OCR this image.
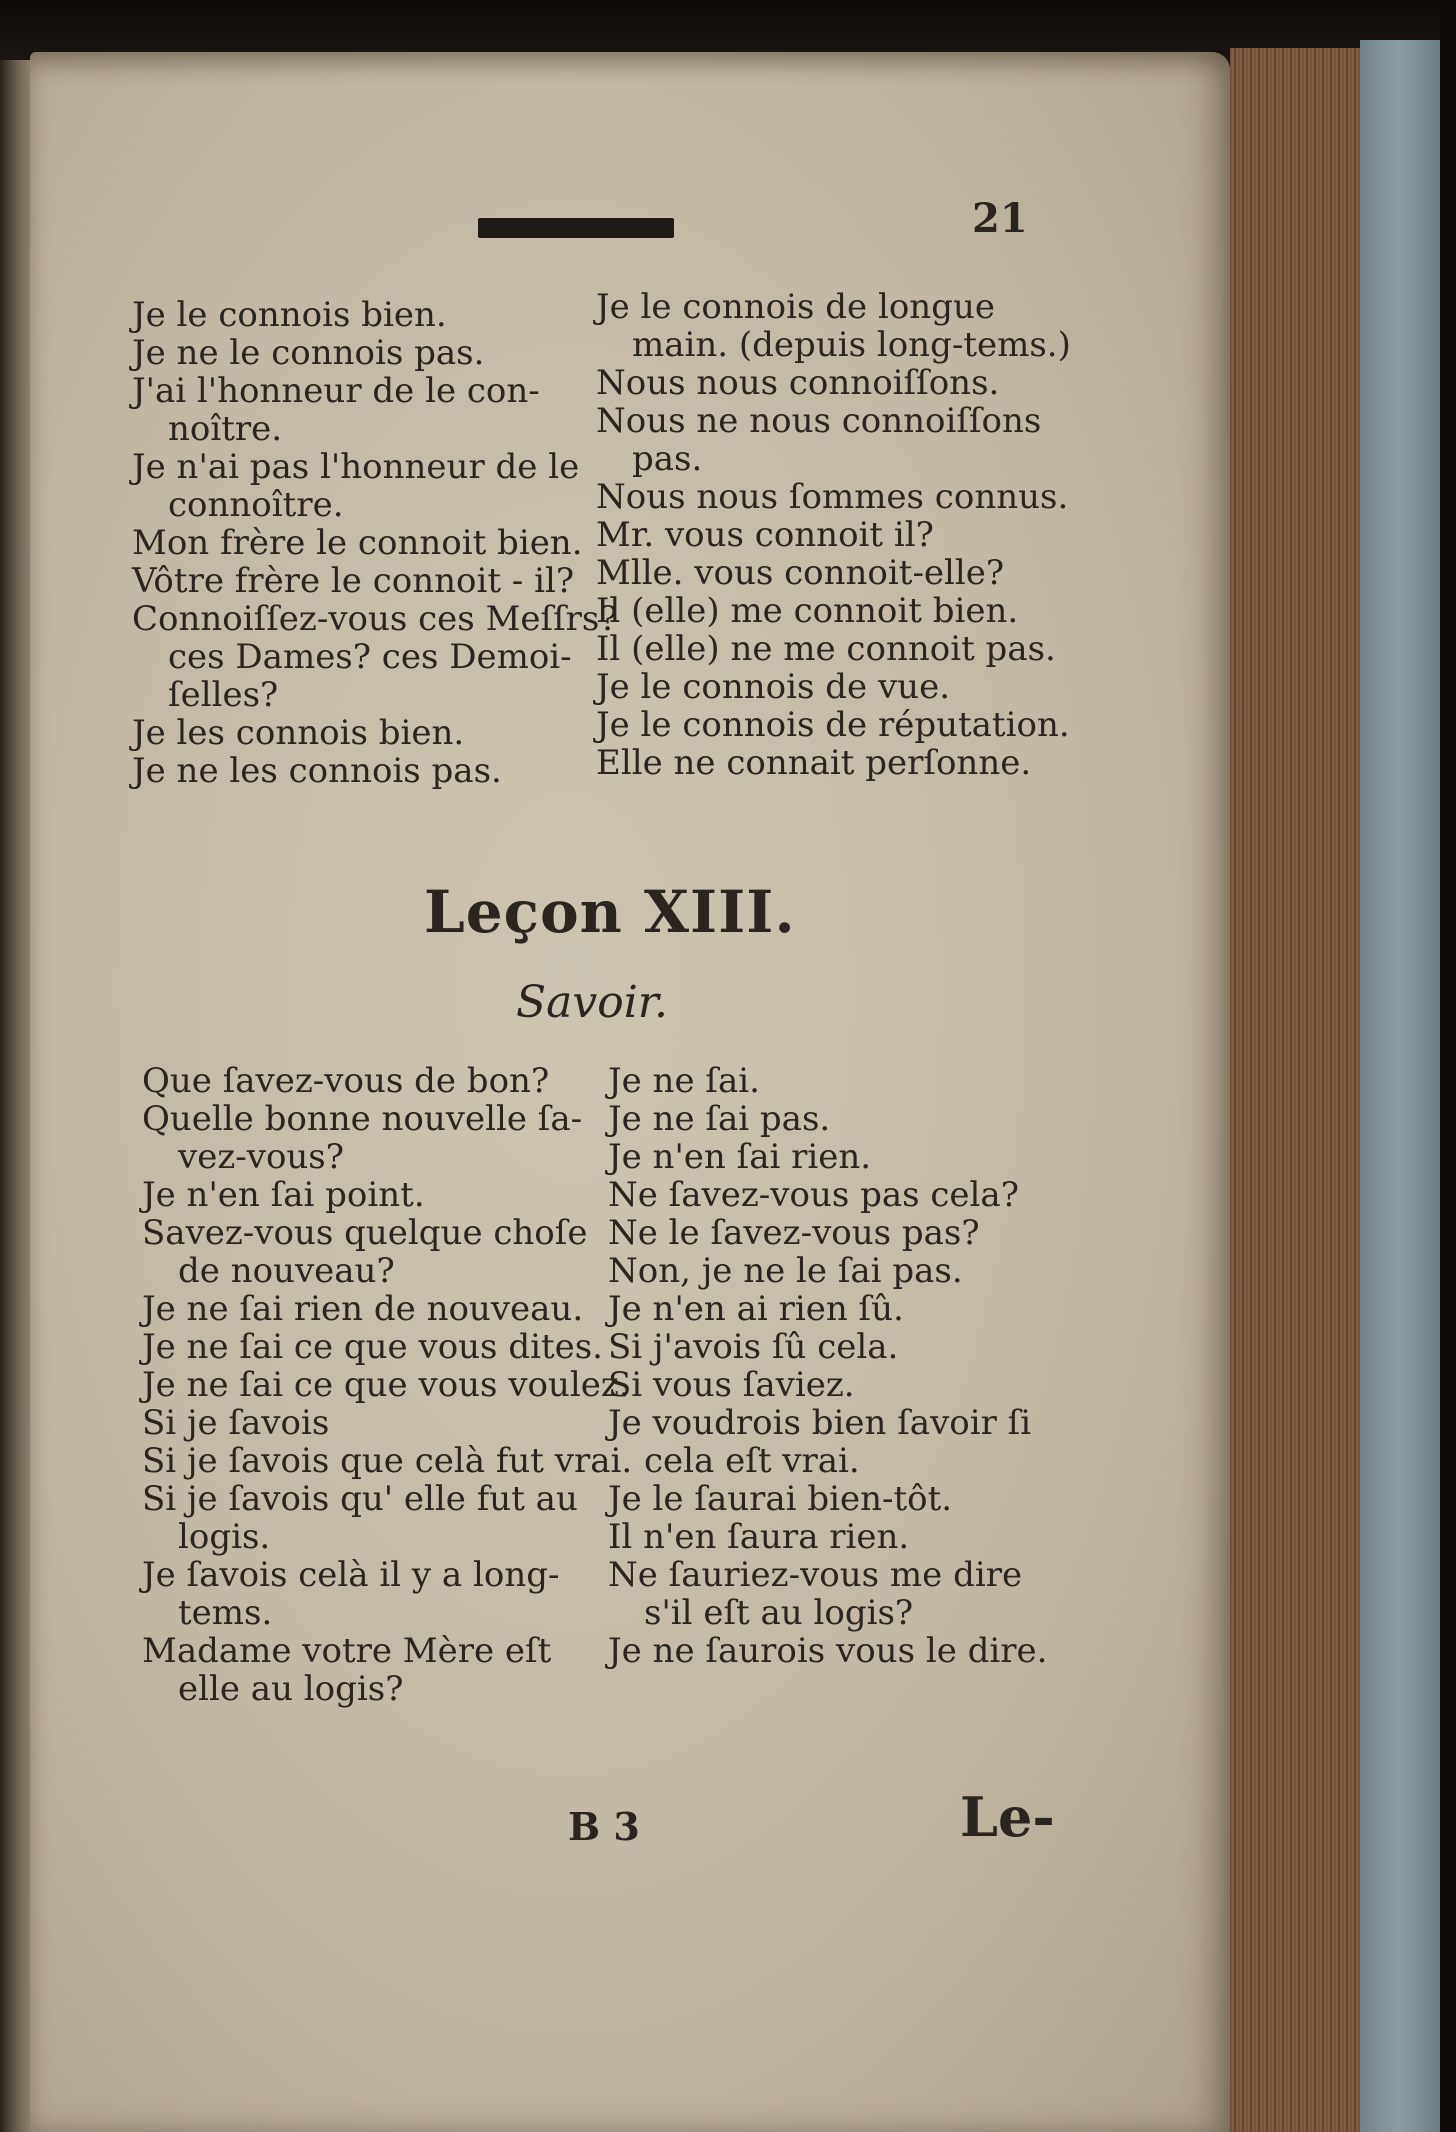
21
Je le connois bien.
Je ne le connois pas.
J'ai l'honneur de le con-
noître.
Je n'ai pas l'honneur de le
connoître.
Mon frère le connoit bien.
Vôtre frère le connoit - il?
Connoiſſez-vous ces Meſſrs?
ces Dames? ces Demoi-
ſelles?
Je les connois bien.
Je ne les connois pas.
Je le connois de longue
main. (depuis long-tems.)
Nous nous connoiſſons.
Nous ne nous connoiſſons
pas.
Nous nous ſommes connus.
Mr. vous connoit il?
Mlle. vous connoit-elle?
Il (elle) me connoit bien.
Il (elle) ne me connoit pas.
Je le connois de vue.
Je le connois de réputation.
Elle ne connait perſonne.
Leçon XIII.
Savoir.
Que ſavez-vous de bon?
Quelle bonne nouvelle ſa-
vez-vous?
Je n'en ſai point.
Savez-vous quelque choſe
de nouveau?
Je ne ſai rien de nouveau.
Je ne ſai ce que vous dites.
Je ne ſai ce que vous voulez.
Si je ſavois
Si je ſavois que celà fut vrai.
Si je ſavois qu' elle fut au
logis.
Je ſavois celà il y a long-
tems.
Madame votre Mère eſt
elle au logis?
Je ne ſai.
Je ne ſai pas.
Je n'en ſai rien.
Ne ſavez-vous pas cela?
Ne le ſavez-vous pas?
Non, je ne le ſai pas.
Je n'en ai rien ſû.
Si j'avois ſû cela.
Si vous ſaviez.
Je voudrois bien ſavoir ſi
cela eſt vrai.
Je le ſaurai bien-tôt.
Il n'en ſaura rien.
Ne ſauriez-vous me dire
s'il eſt au logis?
Je ne ſaurois vous le dire.
B 3	Le-
